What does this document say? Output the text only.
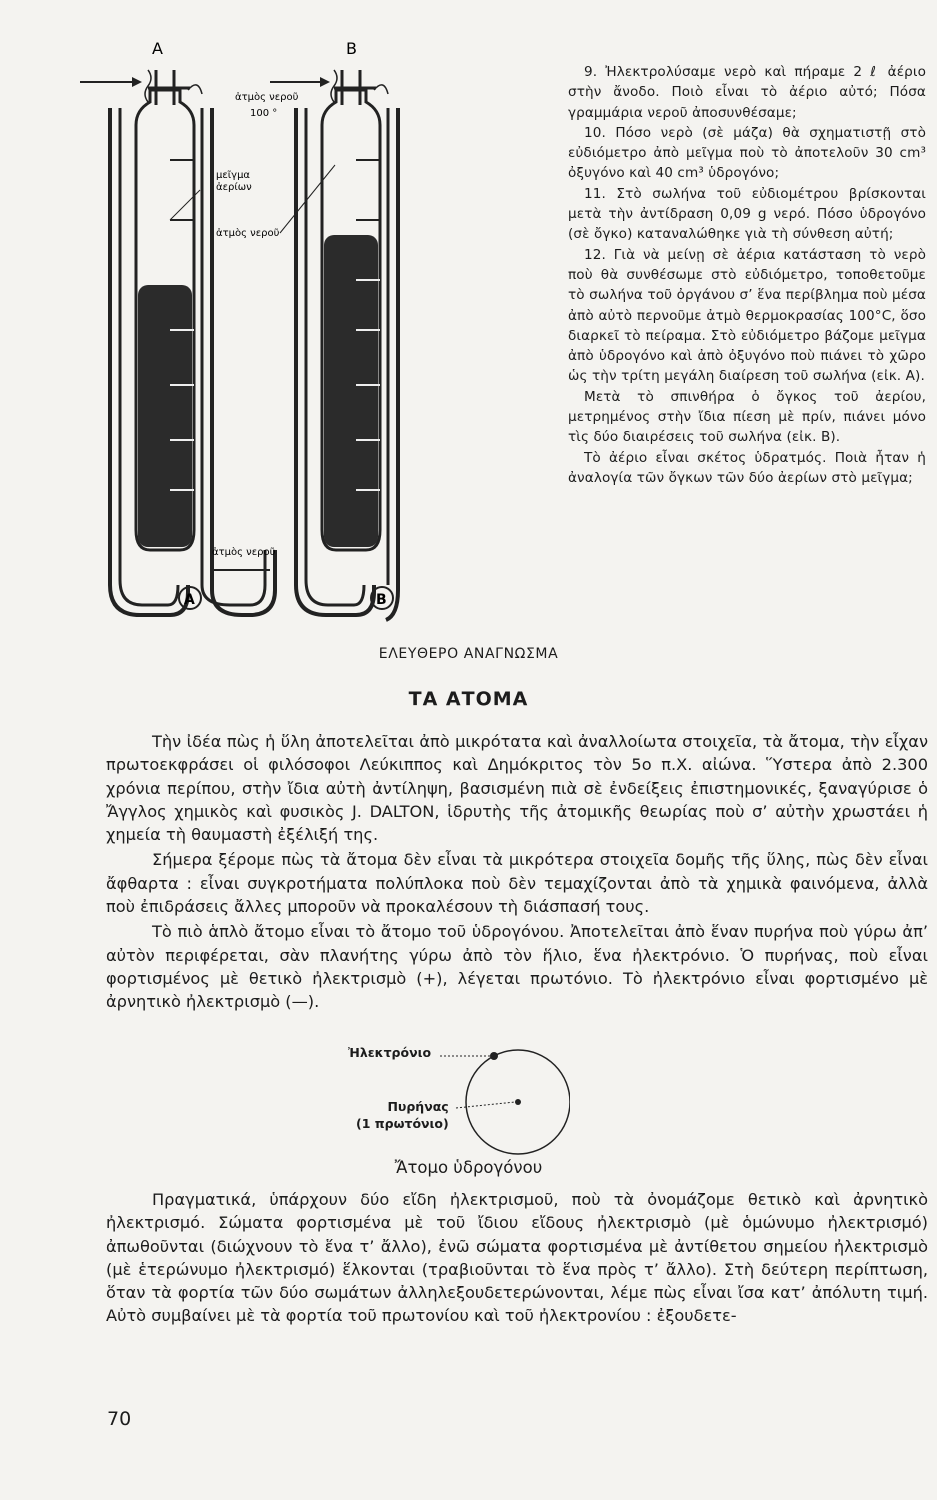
A	B
A	B
ἀτμὸς νεροῦ
100 °
μεῖγμα
ἀερίων
ἀτμὸς νεροῦ
ἀτμὸς νεροῦ

9. Ἠλεκτρολύσαμε νερὸ καὶ πήραμε 2 ℓ ἀέριο στὴν ἄνοδο. Ποιὸ εἶναι τὸ ἀέριο αὐτό; Πόσα γραμμάρια νεροῦ ἀποσυνθέσαμε;

10. Πόσο νερὸ (σὲ μάζα) θὰ σχηματιστῇ στὸ εὐδιόμετρο ἀπὸ μεῖγμα ποὺ τὸ ἀποτελοῦν 30 cm³ ὀξυγόνο καὶ 40 cm³ ὑδρογόνο;

11. Στὸ σωλήνα τοῦ εὐδιομέτρου βρίσκονται μετὰ τὴν ἀντίδραση 0,09 g νερό. Πόσο ὑδρογόνο (σὲ ὄγκο) καταναλώθηκε γιὰ τὴ σύνθεση αὐτή;

12. Γιὰ νὰ μείνῃ σὲ ἀέρια κατάσταση τὸ νερὸ ποὺ θὰ συνθέσωμε στὸ εὐδιόμετρο, τοποθετοῦμε τὸ σωλήνα τοῦ ὀργάνου σ’ ἕνα περίβλημα ποὺ μέσα ἀπὸ αὐτὸ περνοῦμε ἀτμὸ θερμοκρασίας 100°C, ὅσο διαρκεῖ τὸ πείραμα. Στὸ εὐδιόμετρο βάζομε μεῖγμα ἀπὸ ὑδρογόνο καὶ ἀπὸ ὀξυγόνο ποὺ πιάνει τὸ χῶρο ὡς τὴν τρίτη μεγάλη διαίρεση τοῦ σωλήνα (εἰκ. Α).

Μετὰ τὸ σπινθήρα ὁ ὄγκος τοῦ ἀερίου, μετρημένος στὴν ἴδια πίεση μὲ πρίν, πιάνει μόνο τὶς δύο διαιρέσεις τοῦ σωλήνα (εἰκ. Β).

Τὸ ἀέριο εἶναι σκέτος ὑδρατμός. Ποιὰ ἦταν ἡ ἀναλογία τῶν ὄγκων τῶν δύο ἀερίων στὸ μεῖγμα;

ΕΛΕΥΘΕΡΟ ΑΝΑΓΝΩΣΜΑ
ΤΑ ΑΤΟΜΑ

Τὴν ἰδέα πὼς ἡ ὕλη ἀποτελεῖται ἀπὸ μικρότατα καὶ ἀναλλοίωτα στοιχεῖα, τὰ ἄτομα, τὴν εἶχαν πρωτοεκφράσει οἱ φιλόσοφοι Λεύκιππος καὶ Δημόκριτος τὸν 5ο π.Χ. αἰώνα. Ὕστερα ἀπὸ 2.300 χρόνια περίπου, στὴν ἴδια αὐτὴ ἀντίληψη, βασισμένη πιὰ σὲ ἐνδείξεις ἐπιστημονικές, ξαναγύρισε ὁ Ἄγγλος χημικὸς καὶ φυσικὸς J. DALTON, ἱδρυτὴς τῆς ἀτομικῆς θεωρίας ποὺ σ’ αὐτὴν χρωστάει ἡ χημεία τὴ θαυμαστὴ ἐξέλιξή της.

Σήμερα ξέρομε πὼς τὰ ἄτομα δὲν εἶναι τὰ μικρότερα στοιχεῖα δομῆς τῆς ὕλης, πὼς δὲν εἶναι ἄφθαρτα : εἶναι συγκροτήματα πολύπλοκα ποὺ δὲν τεμαχίζονται ἀπὸ τὰ χημικὰ φαινόμενα, ἀλλὰ ποὺ ἐπιδράσεις ἄλλες μποροῦν νὰ προκαλέσουν τὴ διάσπασή τους.

Τὸ πιὸ ἁπλὸ ἄτομο εἶναι τὸ ἄτομο τοῦ ὑδρογόνου. Ἀποτελεῖται ἀπὸ ἕναν πυρήνα ποὺ γύρω ἀπ’ αὐτὸν περιφέρεται, σὰν πλανήτης γύρω ἀπὸ τὸν ἥλιο, ἕνα ἠλεκτρόνιο. Ὁ πυρήνας, ποὺ εἶναι φορτισμένος μὲ θετικὸ ἠλεκτρισμὸ (+), λέγεται πρωτόνιο. Τὸ ἠλεκτρόνιο εἶναι φορτισμένο μὲ ἀρνητικὸ ἠλεκτρισμὸ (—).

Ἠλεκτρόνιο
Πυρήνας
(1 πρωτόνιο)
Ἄτομο ὑδρογόνου

Πραγματικά, ὑπάρχουν δύο εἴδη ἠλεκτρισμοῦ, ποὺ τὰ ὀνομάζομε θετικὸ καὶ ἀρνητικὸ ἠλεκτρισμό. Σώματα φορτισμένα μὲ τοῦ ἴδιου εἴδους ἠλεκτρισμὸ (μὲ ὁμώνυμο ἠλεκτρισμό) ἀπωθοῦνται (διώχνουν τὸ ἕνα τ’ ἄλλο), ἐνῶ σώματα φορτισμένα μὲ ἀντίθετου σημείου ἠλεκτρισμὸ (μὲ ἑτερώνυμο ἠλεκτρισμό) ἕλκονται (τραβιοῦνται τὸ ἕνα πρὸς τ’ ἄλλο). Στὴ δεύτερη περίπτωση, ὅταν τὰ φορτία τῶν δύο σωμάτων ἀλληλεξουδετερώνονται, λέμε πὼς εἶναι ἴσα κατ’ ἀπόλυτη τιμή. Αὐτὸ συμβαίνει μὲ τὰ φορτία τοῦ πρωτονίου καὶ τοῦ ἠλεκτρονίου : ἐξουδετε-

70
